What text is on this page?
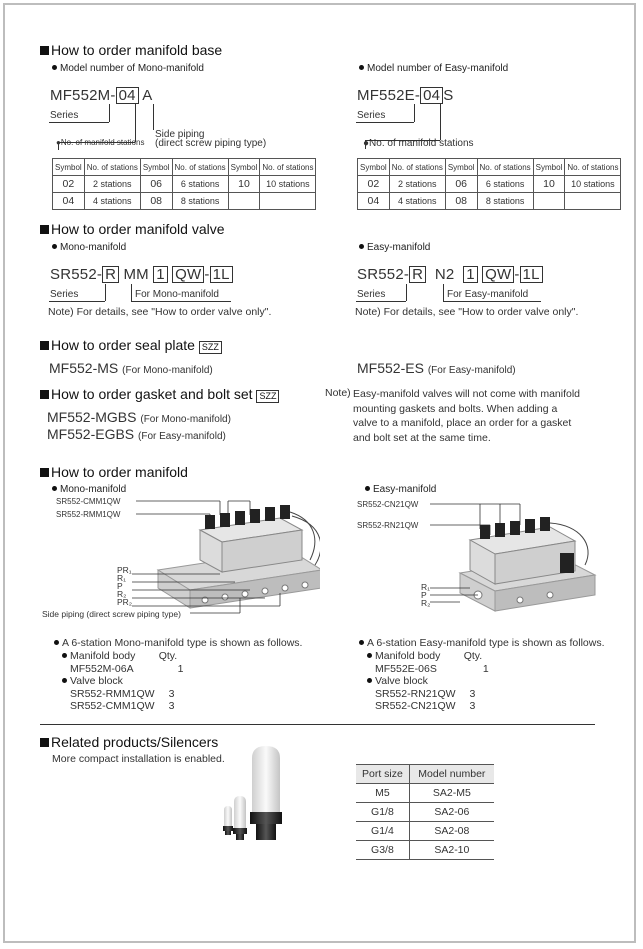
How to order manifold base
Model number of Mono-manifold
MF552M- 04 A
Series
●No. of manifold stations
Side piping
(direct screw piping type)
Symbol	No. of stations	Symbol	No. of stations	Symbol	No. of stations
02	2 stations	06	6 stations	10	10 stations
04	4 stations	08	8 stations		
Model number of Easy-manifold
MF552E- 04 S
Series
●No. of manifold stations
Symbol	No. of stations	Symbol	No. of stations	Symbol	No. of stations
02	2 stations	06	6 stations	10	10 stations
04	4 stations	08	8 stations		
How to order manifold valve
Mono-manifold
SR552- R MM 1 QW - 1L
Series	For Mono-manifold
Note) For details, see "How to order valve only".
Easy-manifold
SR552- R N2 1 QW - 1L
Series	For Easy-manifold
Note) For details, see "How to order valve only".
How to order seal plate SZZ
MF552-MS (For Mono-manifold)	MF552-ES (For Easy-manifold)
How to order gasket and bolt set SZZ
MF552-MGBS (For Mono-manifold)
MF552-EGBS (For Easy-manifold)
Note) Easy-manifold valves will not come with manifold
mounting gaskets and bolts. When adding a
valve to a manifold, place an order for a gasket
and bolt set at the same time.
How to order manifold
Mono-manifold
SR552-CMM1QW
SR552-RMM1QW
PR₁
R₁
P
R₂
PR₂
Side piping (direct screw piping type)
Easy-manifold
SR552-CN21QW
SR552-RN21QW
R₁
P
R₂
A 6-station Mono-manifold type is shown as follows.
Manifold body Qty.
MF552M-06A	1
Valve block
SR552-RMM1QW 3
SR552-CMM1QW 3
A 6-station Easy-manifold type is shown as follows.
Manifold body Qty.
MF552E-06S	1
Valve block
SR552-RN21QW 3
SR552-CN21QW 3
Related products/Silencers
More compact installation is enabled.
Port size	Model number
M5	SA2-M5
G1/8	SA2-06
G1/4	SA2-08
G3/8	SA2-10
